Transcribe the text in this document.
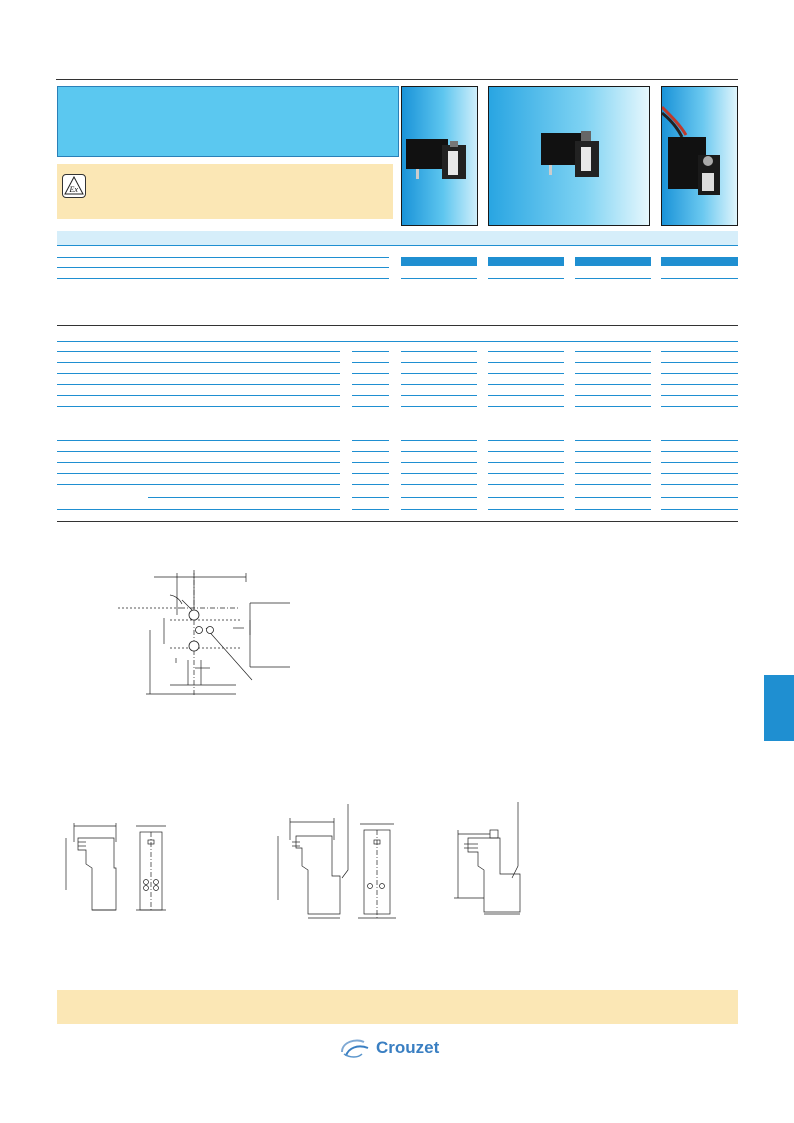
Ex
Crouzet
